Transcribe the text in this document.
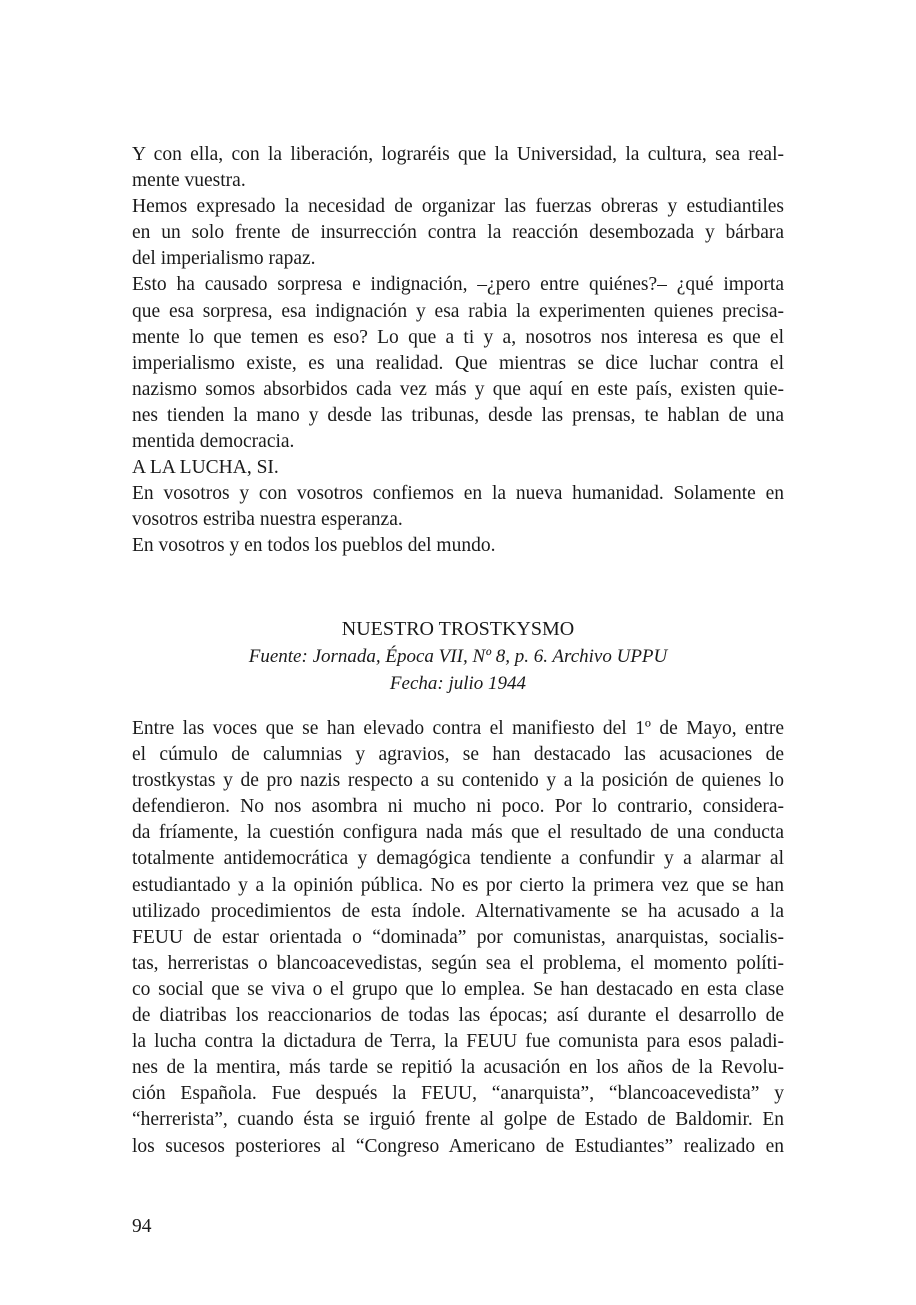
Y con ella, con la liberación, lograréis que la Universidad, la cultura, sea real-
mente vuestra.
Hemos expresado la necesidad de organizar las fuerzas obreras y estudiantiles
en un solo frente de insurrección contra la reacción desembozada y bárbara
del imperialismo rapaz.
Esto ha causado sorpresa e indignación, –¿pero entre quiénes?– ¿qué importa
que esa sorpresa, esa indignación y esa rabia la experimenten quienes precisa-
mente lo que temen es eso? Lo que a ti y a, nosotros nos interesa es que el
imperialismo existe, es una realidad. Que mientras se dice luchar contra el
nazismo somos absorbidos cada vez más y que aquí en este país, existen quie-
nes tienden la mano y desde las tribunas, desde las prensas, te hablan de una
mentida democracia.
A LA LUCHA, SI.
En vosotros y con vosotros confiemos en la nueva humanidad. Solamente en
vosotros estriba nuestra esperanza.
En vosotros y en todos los pueblos del mundo.
NUESTRO TROSTKYSMO
Fuente: Jornada, Época VII, Nº 8, p. 6. Archivo UPPU
Fecha: julio 1944
Entre las voces que se han elevado contra el manifiesto del 1º de Mayo, entre
el cúmulo de calumnias y agravios, se han destacado las acusaciones de
trostkystas y de pro nazis respecto a su contenido y a la posición de quienes lo
defendieron. No nos asombra ni mucho ni poco. Por lo contrario, considera-
da fríamente, la cuestión configura nada más que el resultado de una conducta
totalmente antidemocrática y demagógica tendiente a confundir y a alarmar al
estudiantado y a la opinión pública. No es por cierto la primera vez que se han
utilizado procedimientos de esta índole. Alternativamente se ha acusado a la
FEUU de estar orientada o “dominada” por comunistas, anarquistas, socialis-
tas, herreristas o blancoacevedistas, según sea el problema, el momento políti-
co social que se viva o el grupo que lo emplea. Se han destacado en esta clase
de diatribas los reaccionarios de todas las épocas; así durante el desarrollo de
la lucha contra la dictadura de Terra, la FEUU fue comunista para esos paladi-
nes de la mentira, más tarde se repitió la acusación en los años de la Revolu-
ción Española. Fue después la FEUU, “anarquista”, “blancoacevedista” y
“herrerista”, cuando ésta se irguió frente al golpe de Estado de Baldomir. En
los sucesos posteriores al “Congreso Americano de Estudiantes” realizado en
94
